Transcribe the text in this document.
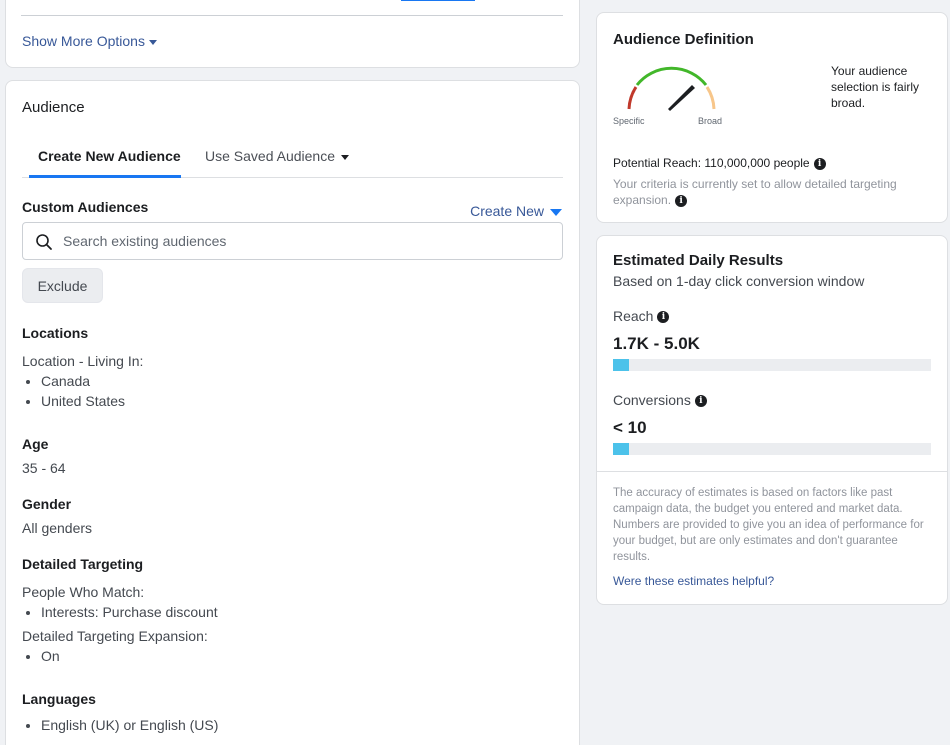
Show More Options
Audience
Create New Audience Use Saved Audience
Custom Audiences	Create New
Search existing audiences
Exclude
Locations
Location - Living In:
Canada
United States
Age
35 - 64
Gender
All genders
Detailed Targeting
People Who Match:
Interests: Purchase discount
Detailed Targeting Expansion:
On
Languages
English (UK) or English (US)
Audience Definition
Specific	Broad
Your audience selection is fairly broad.
Potential Reach: 110,000,000 people i
Your criteria is currently set to allow detailed targeting expansion. i
Estimated Daily Results
Based on 1-day click conversion window
Reach i
1.7K - 5.0K
Conversions i
< 10
The accuracy of estimates is based on factors like past campaign data, the budget you entered and market data. Numbers are provided to give you an idea of performance for your budget, but are only estimates and don't guarantee results.
Were these estimates helpful?
